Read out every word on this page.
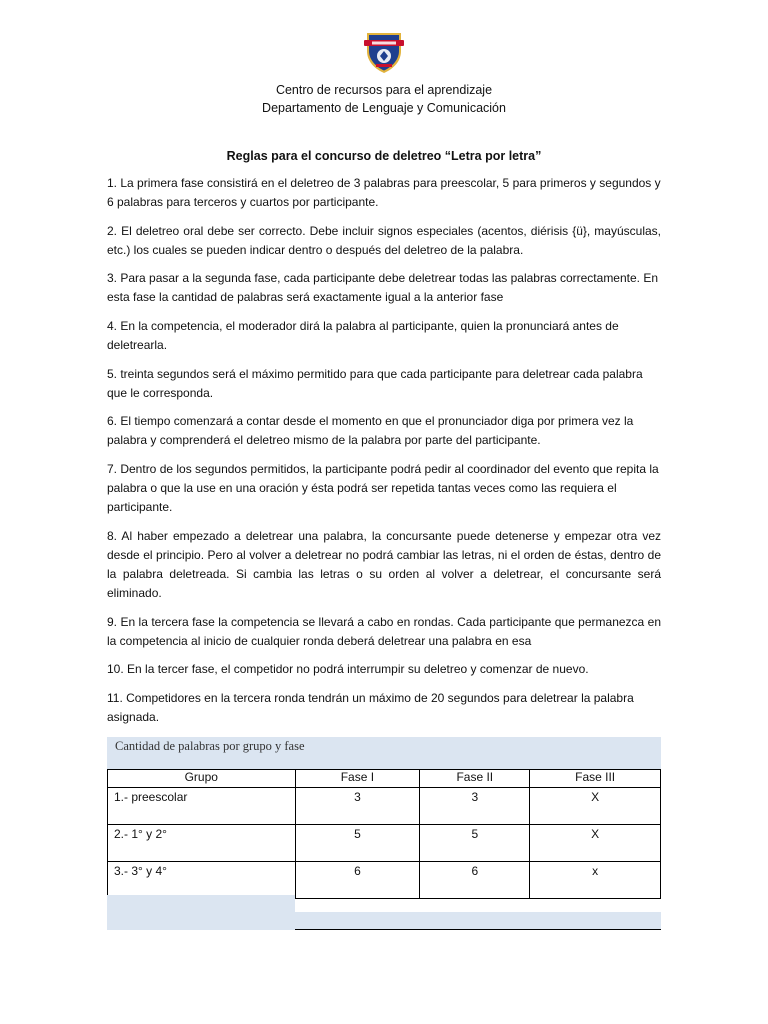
Centro de recursos para el aprendizaje
Departamento de Lenguaje y Comunicación
Reglas para el concurso de deletreo “Letra por letra”
1. La primera fase consistirá en el deletreo de 3 palabras para preescolar, 5 para primeros y segundos y 6 palabras para terceros y cuartos por participante.
2. El deletreo oral debe ser correcto. Debe incluir signos especiales (acentos, diérisis {ü}, mayúsculas, etc.) los cuales se pueden indicar dentro o después del deletreo de la palabra.
3. Para pasar a la segunda fase, cada participante debe deletrear todas las palabras correctamente. En esta fase la cantidad de palabras será exactamente igual a la anterior fase
4. En la competencia, el moderador dirá la palabra al participante, quien la pronunciará antes de deletrearla.
5. treinta segundos será el máximo permitido para que cada participante para deletrear cada palabra que le corresponda.
6. El tiempo comenzará a contar desde el momento en que el pronunciador diga por primera vez la palabra y comprenderá el deletreo mismo de la palabra por parte del participante.
7. Dentro de los segundos permitidos, la participante podrá pedir al coordinador del evento que repita la palabra o que la use en una oración y ésta podrá ser repetida tantas veces como las requiera el participante.
8. Al haber empezado a deletrear una palabra, la concursante puede detenerse y empezar otra vez desde el principio. Pero al volver a deletrear no podrá cambiar las letras, ni el orden de éstas, dentro de la palabra deletreada. Si cambia las letras o su orden al volver a deletrear, el concursante será eliminado.
9. En la tercera fase la competencia se llevará a cabo en rondas. Cada participante que permanezca en la competencia al inicio de cualquier ronda deberá deletrear una palabra en esa
10. En la tercer fase, el competidor no podrá interrumpir su deletreo y comenzar de nuevo.
11. Competidores en la tercera ronda tendrán un máximo de 20 segundos para deletrear la palabra asignada.
Cantidad de palabras por grupo y fase
Grupo	Fase I	Fase II	Fase III
1.- preescolar	3	3	X
2.- 1° y 2°	5	5	X
3.- 3° y 4°	6	6	x
